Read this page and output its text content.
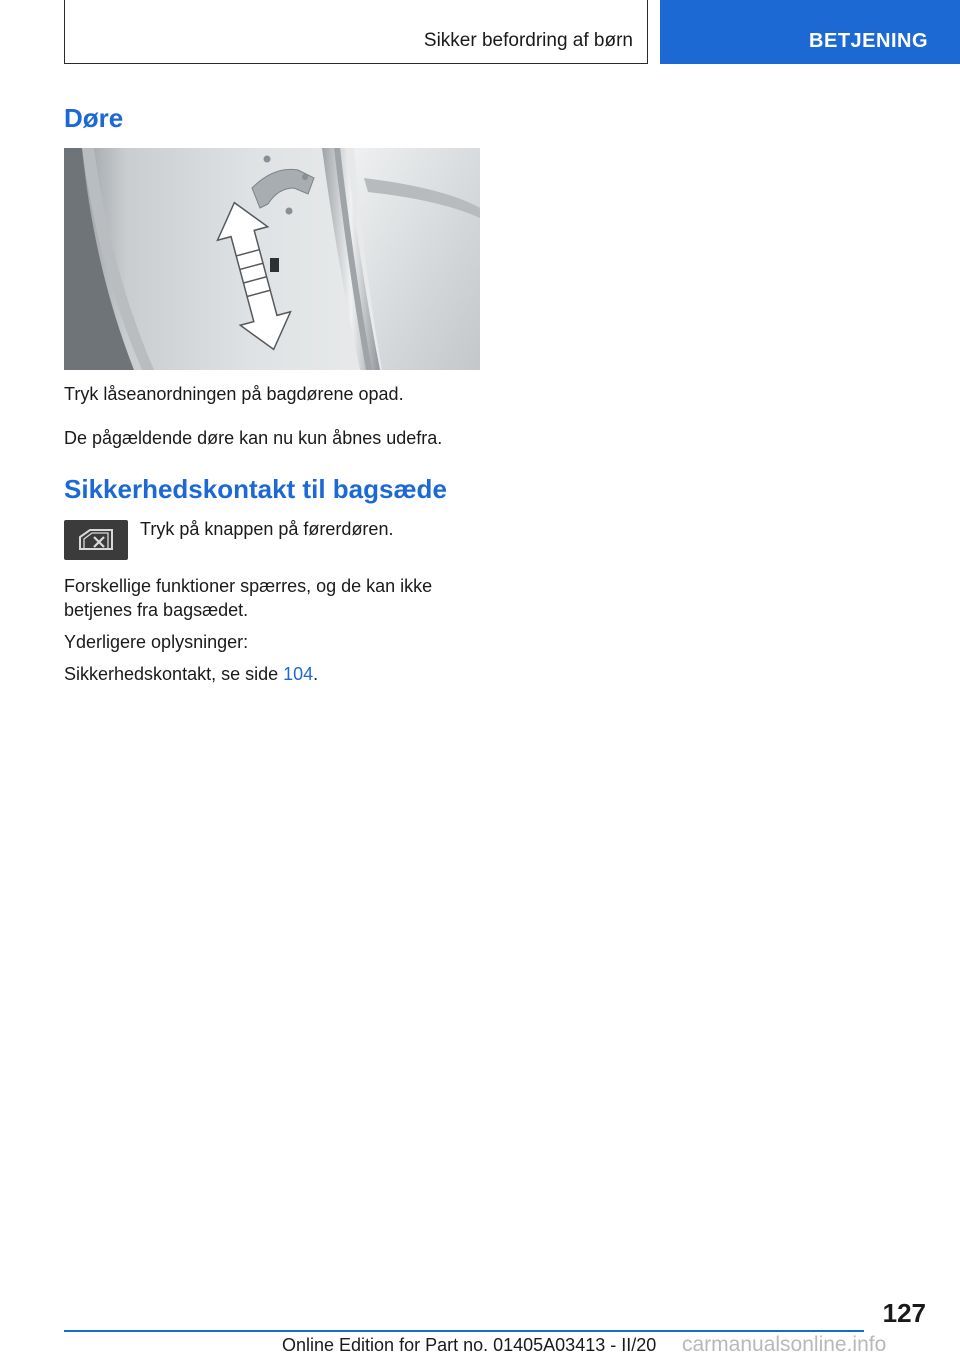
Sikker befordring af børn	BETJENING
Døre

Tryk låseanordningen på bagdørene opad.

De pågældende døre kan nu kun åbnes udefra.

Sikkerhedskontakt til bagsæde

Tryk på knappen på førerdøren.

Forskellige funktioner spærres, og de kan ikke

betjenes fra bagsædet.

Yderligere oplysninger:

Sikkerhedskontakt, se side 104.

127
Online Edition for Part no. 01405A03413 - II/20 carmanualsonline.info
